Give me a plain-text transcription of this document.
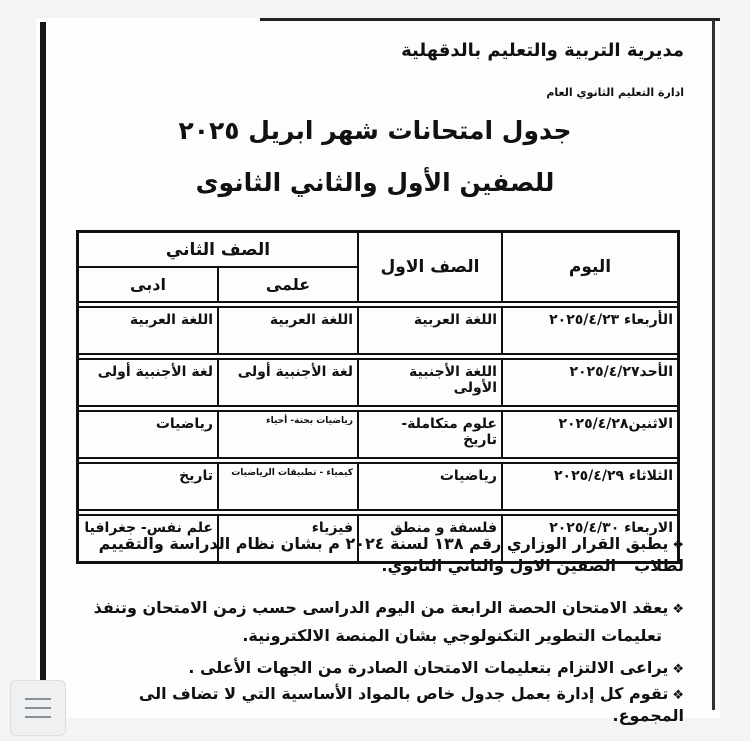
مديرية التربية والتعليم بالدقهلية
ادارة التعليم الثانوي العام
جدول امتحانات شهر ابريل ٢٠٢٥
للصفين الأول والثاني الثانوى
اليوم	الصف الاول	الصف الثاني	
		علمى	ادبى

الأربعاء ٢٠٢٥/٤/٢٣	اللغة العربية	اللغة العربية	اللغة العربية

الأحد٢٠٢٥/٤/٢٧	اللغة الأجنبية الأولى	لغة الأجنبية أولى	لغة الأجنبية أولى

الاثنين٢٠٢٥/٤/٢٨	علوم متكاملة- تاريخ	رياضيات بحتة- أحياء	رياضيات

الثلاثاء ٢٠٢٥/٤/٢٩	رياضيات	كيمياء - تطبيقات الرياضيات	تاريخ

الاربعاء ٢٠٢٥/٤/٣٠	فلسفة و منطق	فيزياء	علم نفس- جغرافيا
❖يطبق القرار الوزاري رقم ١٣٨ لسنة ٢٠٢٤ م بشان نظام الدراسة والتقييم لطلاب
الصفين الاول والثاني الثانوي.
❖يعقد الامتحان الحصة الرابعة من اليوم الدراسى حسب زمن الامتحان وتنفذ
تعليمات التطوير التكنولوجي بشان المنصة الالكترونية.
❖يراعى الالتزام بتعليمات الامتحان الصادرة من الجهات الأعلى .
❖تقوم كل إدارة بعمل جدول خاص بالمواد الأساسية التي لا تضاف الى المجموع.
